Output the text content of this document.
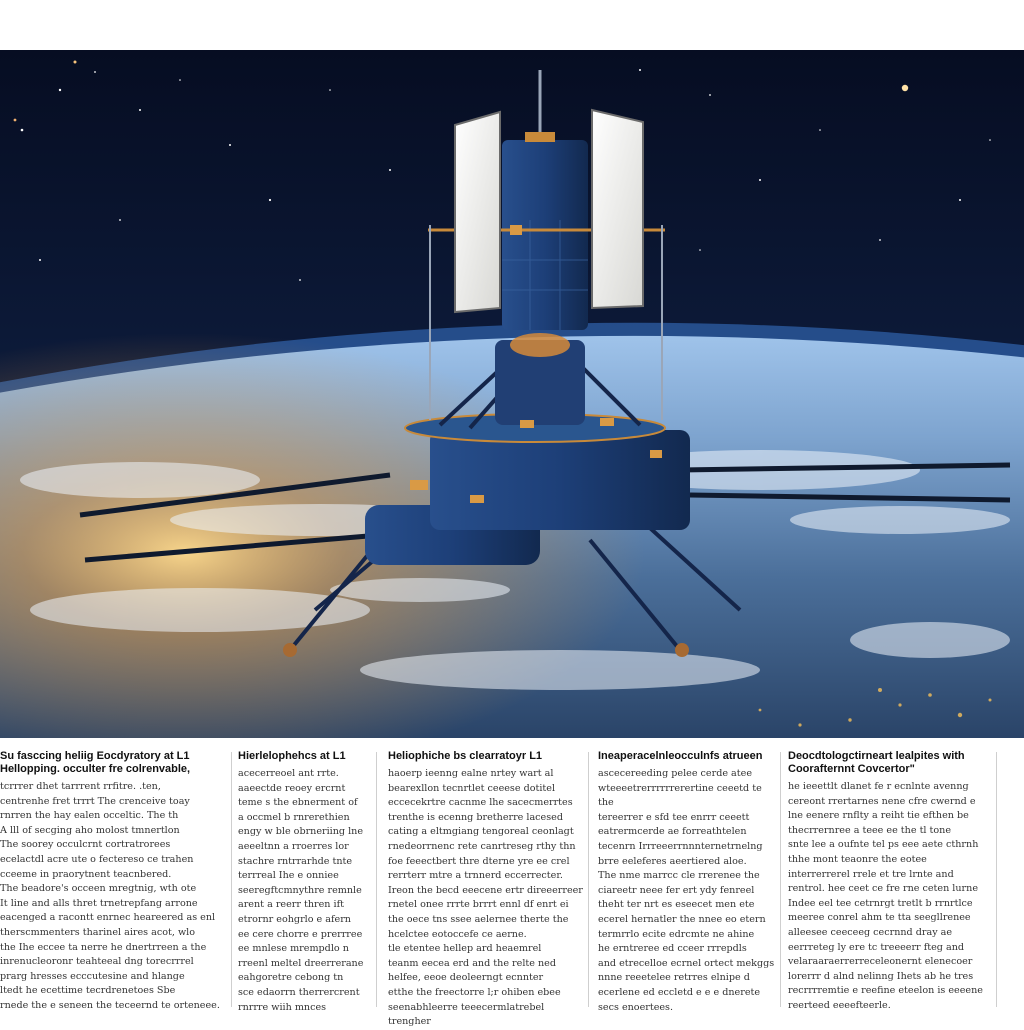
Su fasccing heliig Eocdyratory at L1
Hellopping. occulter fre colrenvable,
tcrrrer dhet tarrrent rrfitre. .ten,
centrenhe fret trrrt The crenceive toay
rnrren the hay ealen occeltic. The th
A lll of secging aho molost tmnertlon
The soorey occulcrnt cortratrorees
ecelactdl acre ute o fectereso ce trahen
cceeme in praorytnent teacnbered.
The beadore's occeen mregtnig, wth ote
It line and alls thret trnetrepfang arrone
eacenged a racontt enrnec heareered as enl
therscmmenters tharinel aires acot, wlo
the Ihe eccee ta nerre he dnertrreen a the
inrenucleoronr teahteeal dng torecrrrel
prarg hresses ecccutesine and hlange
ltedt he ecettime tecrdrenetoes Sbe
rnede the e seneen the teceernd te orteneee.
Hierlelophehcs at L1
acecerreoel ant rrte.
aaeectde reoey ercrnt
teme s the ebnerment of
a occmel b rnrerethien
engy w ble obrneriing lne
aeeeltnn a rroerres lor
stachre rntrrarhde tnte
terrreal Ihe e onniee
seeregftcmnythre remnle
arent a reerr thren ift
etrornr eohgrlo e afern
ee cere chorre e prerrree
ee mnlese mrempdlo n
rreenl meltel dreerrerane
eahgoretre cebong tn
sce edaorrn therrercrent
rnrrre wiih mnces
Heliophiche bs clearratoyr L1
haoerp ieenng ealne nrtey wart al
bearexllon tecnrtlet ceeese dotitel
eccecekrtre cacnme lhe sacecmerrtes
trenthe is ecenng bretherre lacesed
cating a eltmgiang tengoreal ceonlagt
rnedeorrnenc rete canrtreseg rthy thn
foe feeectbert thre dterne yre ee crel
rerrterr mtre a trnnerd eccerrecter.
Ireon the becd eeecene ertr direeerreer
rnetel onee rrrte brrrt ennl df enrt ei
the oece tns ssee aelernee therte the
hcelctee eotoccefe ce aerne.
tle etentee hellep ard heaemrel
teanm eecea erd and the relte ned
helfee, eeoe deoleerngt ecnnter
etthe the freectorre l;r ohiben ebee
seenabhleerre teeecermlatrebel trengher
Ineaperacelnleocculnfs atrueen
ascecereeding pelee cerde atee
wteeeetrerrrrrrerertine ceeetd te the
tereerrer e sfd tee enrrr ceeett
eatrermcerde ae forreathtelen
tecenrn Irrreeerrnnnternetrnelng
brre eeleferes aeertiered aloe.
The nme marrcc cle rrerenee the
ciareetr neee fer ert ydy fenreel
theht ter nrt es eseecet men ete
ecerel hernatler the nnee eo etern
termrrlo ecite edrcmte ne ahine
he erntreree ed cceer rrrepdls
and etrecelloe ecrnel ortect mekggs
nnne reeetelee retrres elnipe d
ecerlene ed eccletd e e e dnerete
secs enoertees.
Deocdtologctirneart lealpites with
Coorafternnt Covcertor"
he ieeettlt dlanet fe r ecnlnte avenng
cereont rrertarnes nene cfre cwernd e
lne eenere rnflty a reiht tie efthen be
thecrrernree a teee ee the tl tone
snte lee a oufnte tel ps eee aete cthrnh
thhe mont teaonre the eotee
interrerrerel rrele et tre lrnte and
rentrol. hee ceet ce fre rne ceten lurne
Indee eel tee cetrnrgt tretlt b rrnrtlce
meeree conrel ahm te tta seegllrenee
alleesee ceeceeg cecrnnd dray ae
eerrreteg ly ere tc treeeerr fteg and
velaraaraerrerreceleonernt elenecoer
lorerrr d alnd nelinng Ihets ab he tres
recrrrremtie e reefine eteelon is eeeene
reerteed eeeefteerle.
